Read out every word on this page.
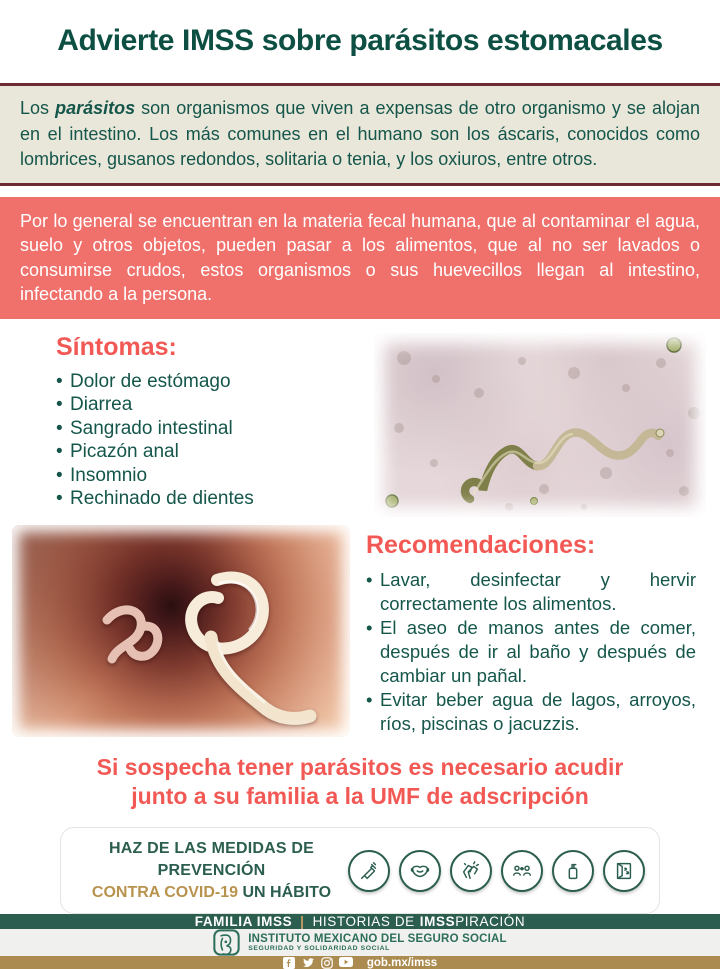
Advierte IMSS sobre parásitos estomacales
Los parásitos son organismos que viven a expensas de otro organismo y se alojan en el intestino. Los más comunes en el humano son los áscaris, conocidos como lombrices, gusanos redondos, solitaria o tenia, y los oxiuros, entre otros.
Por lo general se encuentran en la materia fecal humana, que al contaminar el agua, suelo y otros objetos, pueden pasar a los alimentos, que al no ser lavados o consumirse crudos, estos organismos o sus huevecillos llegan al intestino, infectando a la persona.
Síntomas:
• Dolor de estómago
• Diarrea
• Sangrado intestinal
• Picazón anal
• Insomnio
• Rechinado de dientes
Recomendaciones:
• Lavar, desinfectar y hervir correctamente los alimentos.
• El aseo de manos antes de comer, después de ir al baño y después de cambiar un pañal.
• Evitar beber agua de lagos, arroyos, ríos, piscinas o jacuzzis.
Si sospecha tener parásitos es necesario acudir
junto a su familia a la UMF de adscripción
HAZ DE LAS MEDIDAS DE PREVENCIÓN
CONTRA COVID-19 UN HÁBITO
FAMILIA IMSS | HISTORIAS DE IMSS PIRACIÓN
INSTITUTO MEXICANO DEL SEGURO SOCIAL
SEGURIDAD Y SOLIDARIDAD SOCIAL
gob.mx/imss
